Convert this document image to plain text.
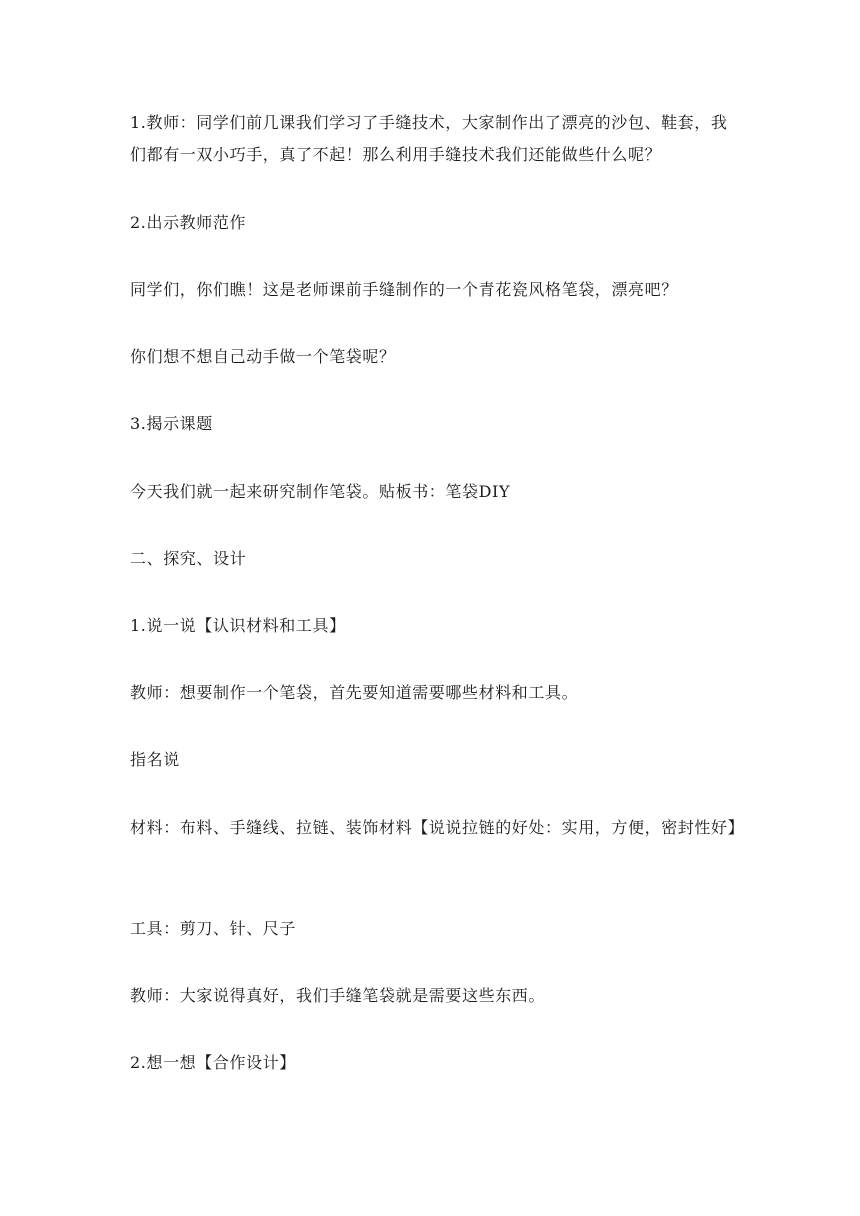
1.教师：同学们前几课我们学习了手缝技术，大家制作出了漂亮的沙包、鞋套，我们都有一双小巧手，真了不起！那么利用手缝技术我们还能做些什么呢？

2.出示教师范作

同学们，你们瞧！这是老师课前手缝制作的一个青花瓷风格笔袋，漂亮吧？

你们想不想自己动手做一个笔袋呢？

3.揭示课题

今天我们就一起来研究制作笔袋。贴板书：笔袋DIY

二、探究、设计

1.说一说【认识材料和工具】

教师：想要制作一个笔袋，首先要知道需要哪些材料和工具。

指名说

材料：布料、手缝线、拉链、装饰材料【说说拉链的好处：实用，方便，密封性好】

工具：剪刀、针、尺子

教师：大家说得真好，我们手缝笔袋就是需要这些东西。

2.想一想【合作设计】
